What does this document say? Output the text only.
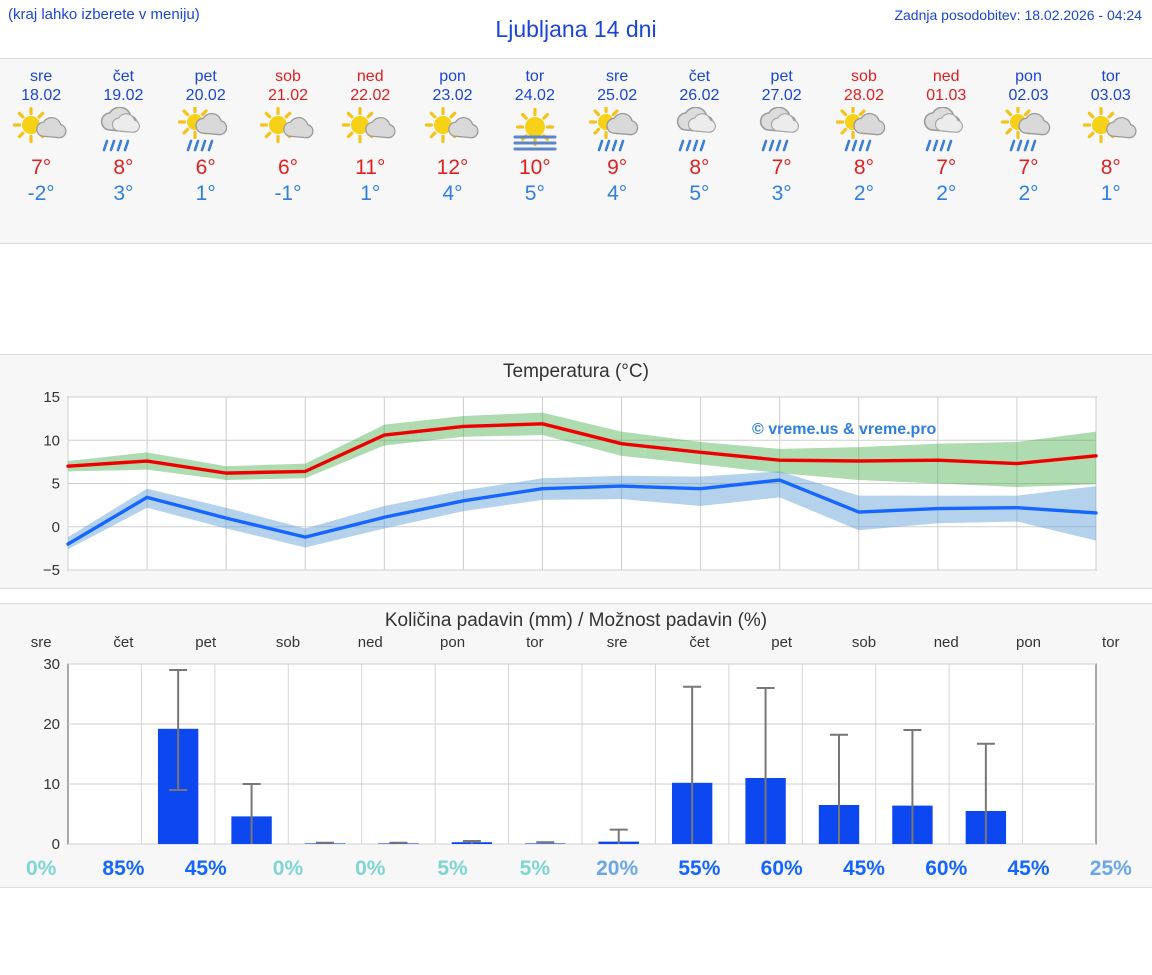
(kraj lahko izberete v meniju)
Ljubljana 14 dni
Zadnja posodobitev: 18.02.2026 - 04:24
sre
18.02
7°
-2°
čet
19.02
8°
3°
pet
20.02
6°
1°
sob
21.02
6°
-1°
ned
22.02
11°
1°
pon
23.02
12°
4°
tor
24.02
10°
5°
sre
25.02
9°
4°
čet
26.02
8°
5°
pet
27.02
7°
3°
sob
28.02
8°
2°
ned
01.03
7°
2°
pon
02.03
7°
2°
tor
03.03
8°
1°
Temperatura (°C)
−5
0
5
10
15
© vreme.us & vreme.pro
Količina padavin (mm) / Možnost padavin (%)
sre	čet	pet	sob	ned	pon	tor	sre	čet	pet	sob	ned	pon	tor
0
10
20
30
0%	85%	45%	0%	0%	5%	5%	20%	55%	60%	45%	60%	45%	25%
